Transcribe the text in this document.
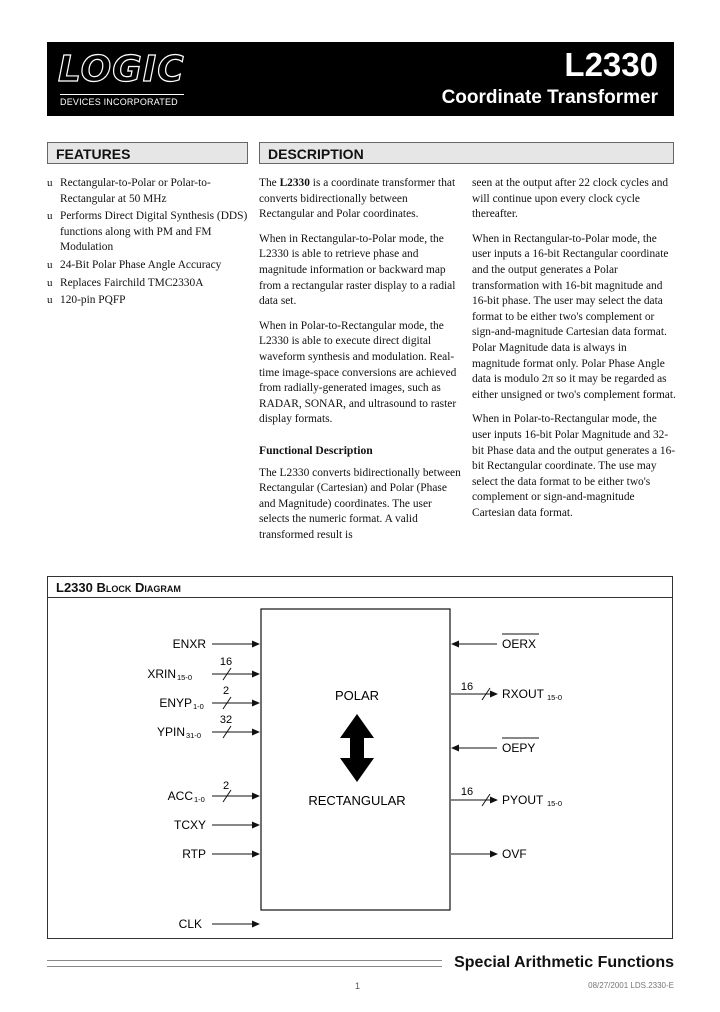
LOGIC
DEVICES INCORPORATED
L2330
Coordinate Transformer
FEATURES	DESCRIPTION
u Rectangular-to-Polar or Polar-to-Rectangular at 50 MHz
u Performs Direct Digital Synthesis (DDS) functions along with PM and FM Modulation
u 24-Bit Polar Phase Angle Accuracy
u Replaces Fairchild TMC2330A
u 120-pin PQFP

The L2330 is a coordinate transformer that converts bidirectionally between Rectangular and Polar coordinates.

When in Rectangular-to-Polar mode, the L2330 is able to retrieve phase and magnitude information or backward map from a rectangular raster display to a radial data set.

When in Polar-to-Rectangular mode, the L2330 is able to execute direct digital waveform synthesis and modulation. Real-time image-space conversions are achieved from radially-generated images, such as RADAR, SONAR, and ultrasound to raster display formats.

Functional Description

The L2330 converts bidirectionally between Rectangular (Cartesian) and Polar (Phase and Magnitude) coordinates. The user selects the numeric format. A valid transformed result is

seen at the output after 22 clock cycles and will continue upon every clock cycle thereafter.

When in Rectangular-to-Polar mode, the user inputs a 16-bit Rectangular coordinate and the output generates a Polar transformation with 16-bit magnitude and 16-bit phase. The user may select the data format to be either two's complement or sign-and-magnitude Cartesian data format. Polar Magnitude data is always in magnitude format only. Polar Phase Angle data is modulo 2π so it may be regarded as either unsigned or two's complement format.

When in Polar-to-Rectangular mode, the user inputs 16-bit Polar Magnitude and 32-bit Phase data and the output generates a 16-bit Rectangular coordinate. The use may select the data format to be either two's complement or sign-and-magnitude Cartesian data format.

L2330 Block Diagram
POLAR
RECTANGULAR
ENXR
16
XRIN 15-0
2
ENYP 1-0
32
YPIN 31-0
2
ACC 1-0
TCXY
RTP
CLK
OERX
16 RXOUT 15-0
OEPY
16
PYOUT 15-0
OVF
Special Arithmetic Functions
1	08/27/2001 LDS.2330-E
